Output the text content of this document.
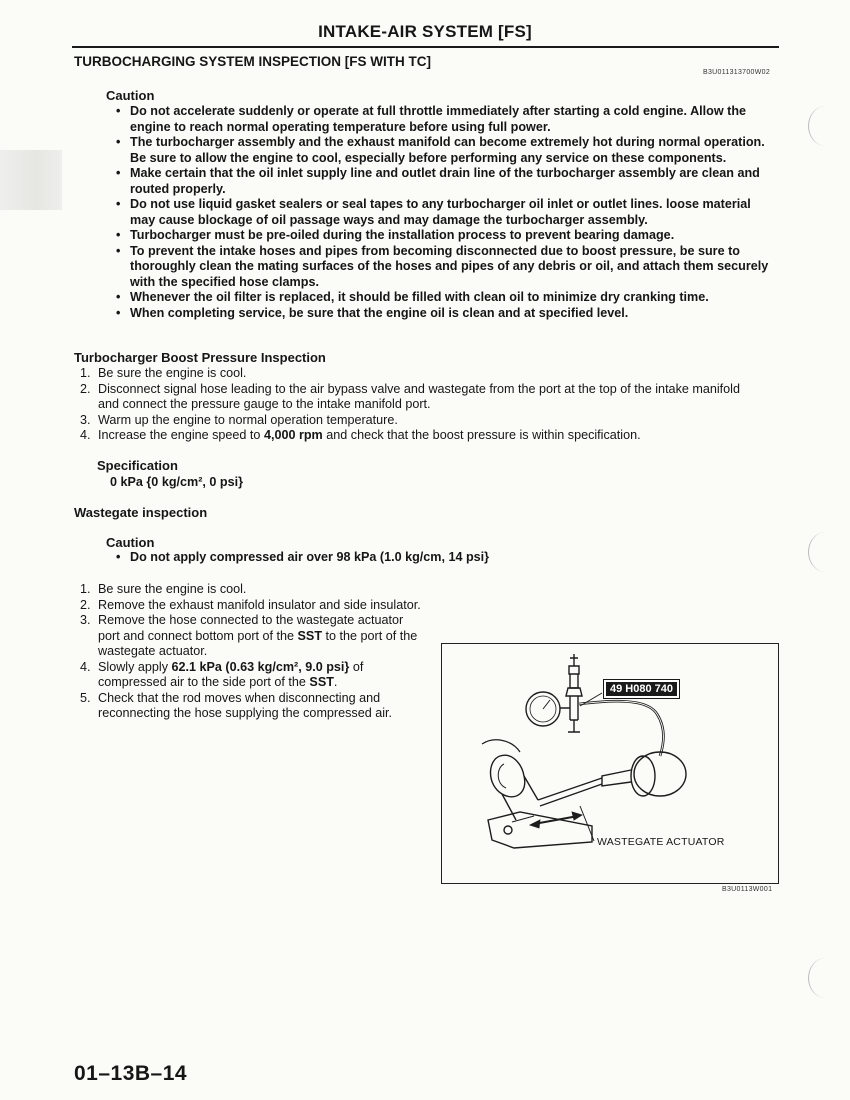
INTAKE-AIR SYSTEM [FS]
TURBOCHARGING SYSTEM INSPECTION [FS WITH TC]
B3U011313700W02
Caution
• Do not accelerate suddenly or operate at full throttle immediately after starting a cold engine. Allow the engine to reach normal operating temperature before using full power.
• The turbocharger assembly and the exhaust manifold can become extremely hot during normal operation. Be sure to allow the engine to cool, especially before performing any service on these components.
• Make certain that the oil inlet supply line and outlet drain line of the turbocharger assembly are clean and routed properly.
• Do not use liquid gasket sealers or seal tapes to any turbocharger oil inlet or outlet lines. loose material may cause blockage of oil passage ways and may damage the turbocharger assembly.
• Turbocharger must be pre-oiled during the installation process to prevent bearing damage.
• To prevent the intake hoses and pipes from becoming disconnected due to boost pressure, be sure to thoroughly clean the mating surfaces of the hoses and pipes of any debris or oil, and attach them securely with the specified hose clamps.
• Whenever the oil filter is replaced, it should be filled with clean oil to minimize dry cranking time.
• When completing service, be sure that the engine oil is clean and at specified level.
Turbocharger Boost Pressure Inspection
1. Be sure the engine is cool.
2. Disconnect signal hose leading to the air bypass valve and wastegate from the port at the top of the intake manifold and connect the pressure gauge to the intake manifold port.
3. Warm up the engine to normal operation temperature.
4. Increase the engine speed to 4,000 rpm and check that the boost pressure is within specification.
Specification
0 kPa {0 kg/cm², 0 psi}
Wastegate inspection
Caution
• Do not apply compressed air over 98 kPa (1.0 kg/cm, 14 psi}
1. Be sure the engine is cool.
2. Remove the exhaust manifold insulator and side insulator.
3. Remove the hose connected to the wastegate actuator port and connect bottom port of the SST to the port of the wastegate actuator.
4. Slowly apply 62.1 kPa (0.63 kg/cm², 9.0 psi} of compressed air to the side port of the SST.
5. Check that the rod moves when disconnecting and reconnecting the hose supplying the compressed air.
49 H080 740
WASTEGATE ACTUATOR
B3U0113W001
01–13B–14
